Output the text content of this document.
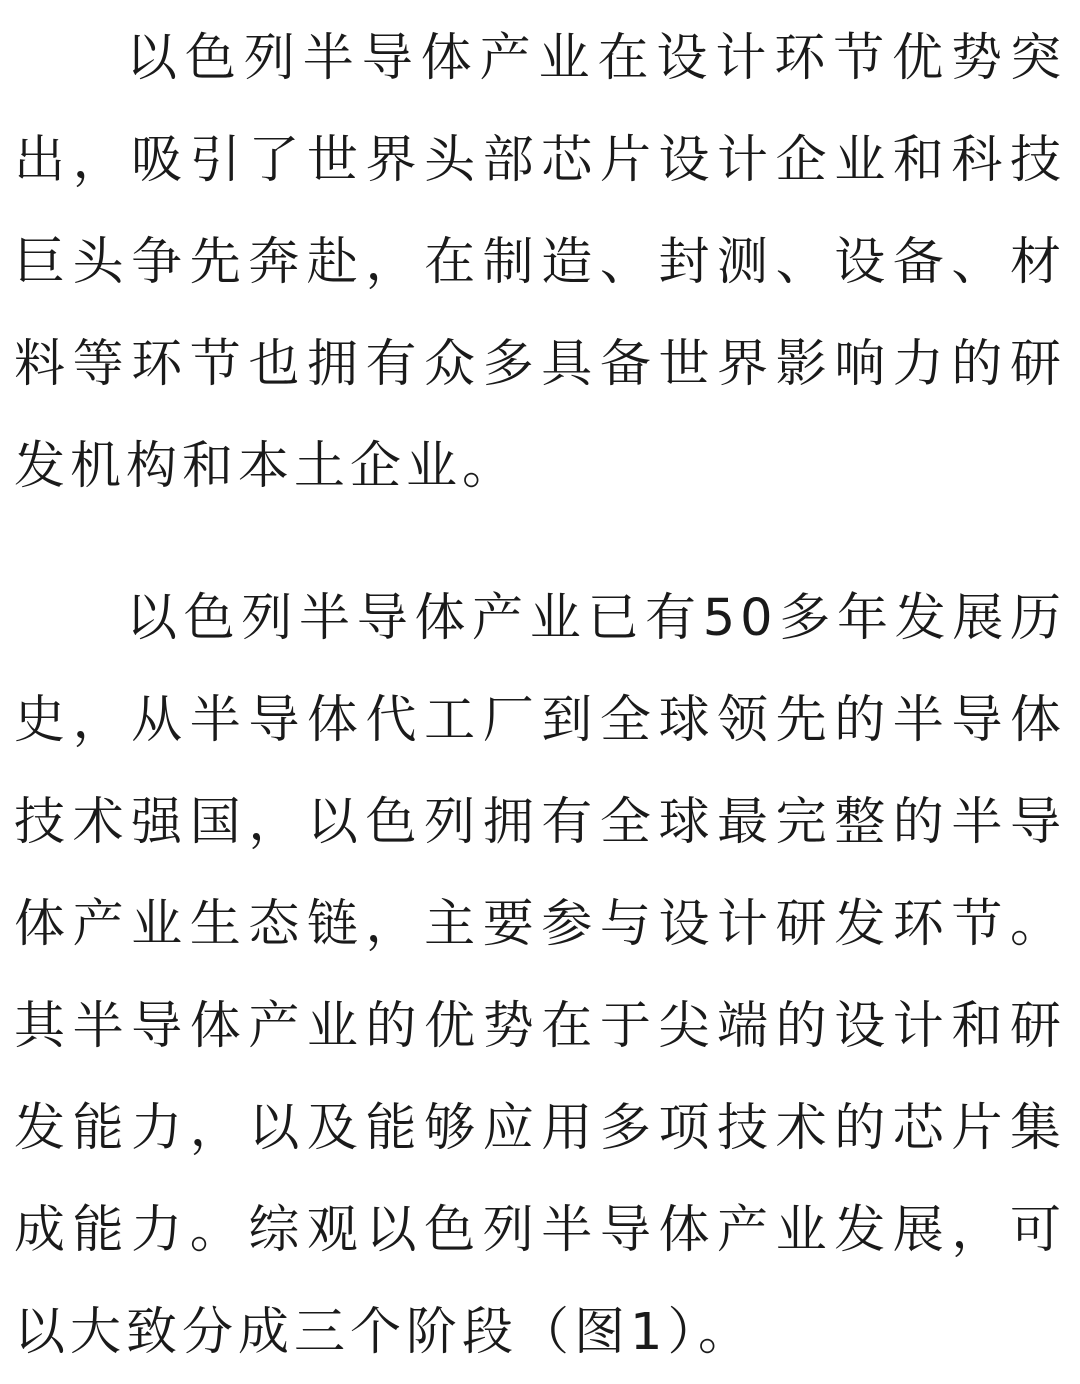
以色列半导体产业在设计环节优势突出，吸引了世界头部芯片设计企业和科技巨头争先奔赴，在制造、封测、设备、材料等环节也拥有众多具备世界影响力的研发机构和本土企业。

以色列半导体产业已有50多年发展历史，从半导体代工厂到全球领先的半导体技术强国，以色列拥有全球最完整的半导体产业生态链，主要参与设计研发环节。其半导体产业的优势在于尖端的设计和研发能力，以及能够应用多项技术的芯片集成能力。综观以色列半导体产业发展，可以大致分成三个阶段（图1）。
